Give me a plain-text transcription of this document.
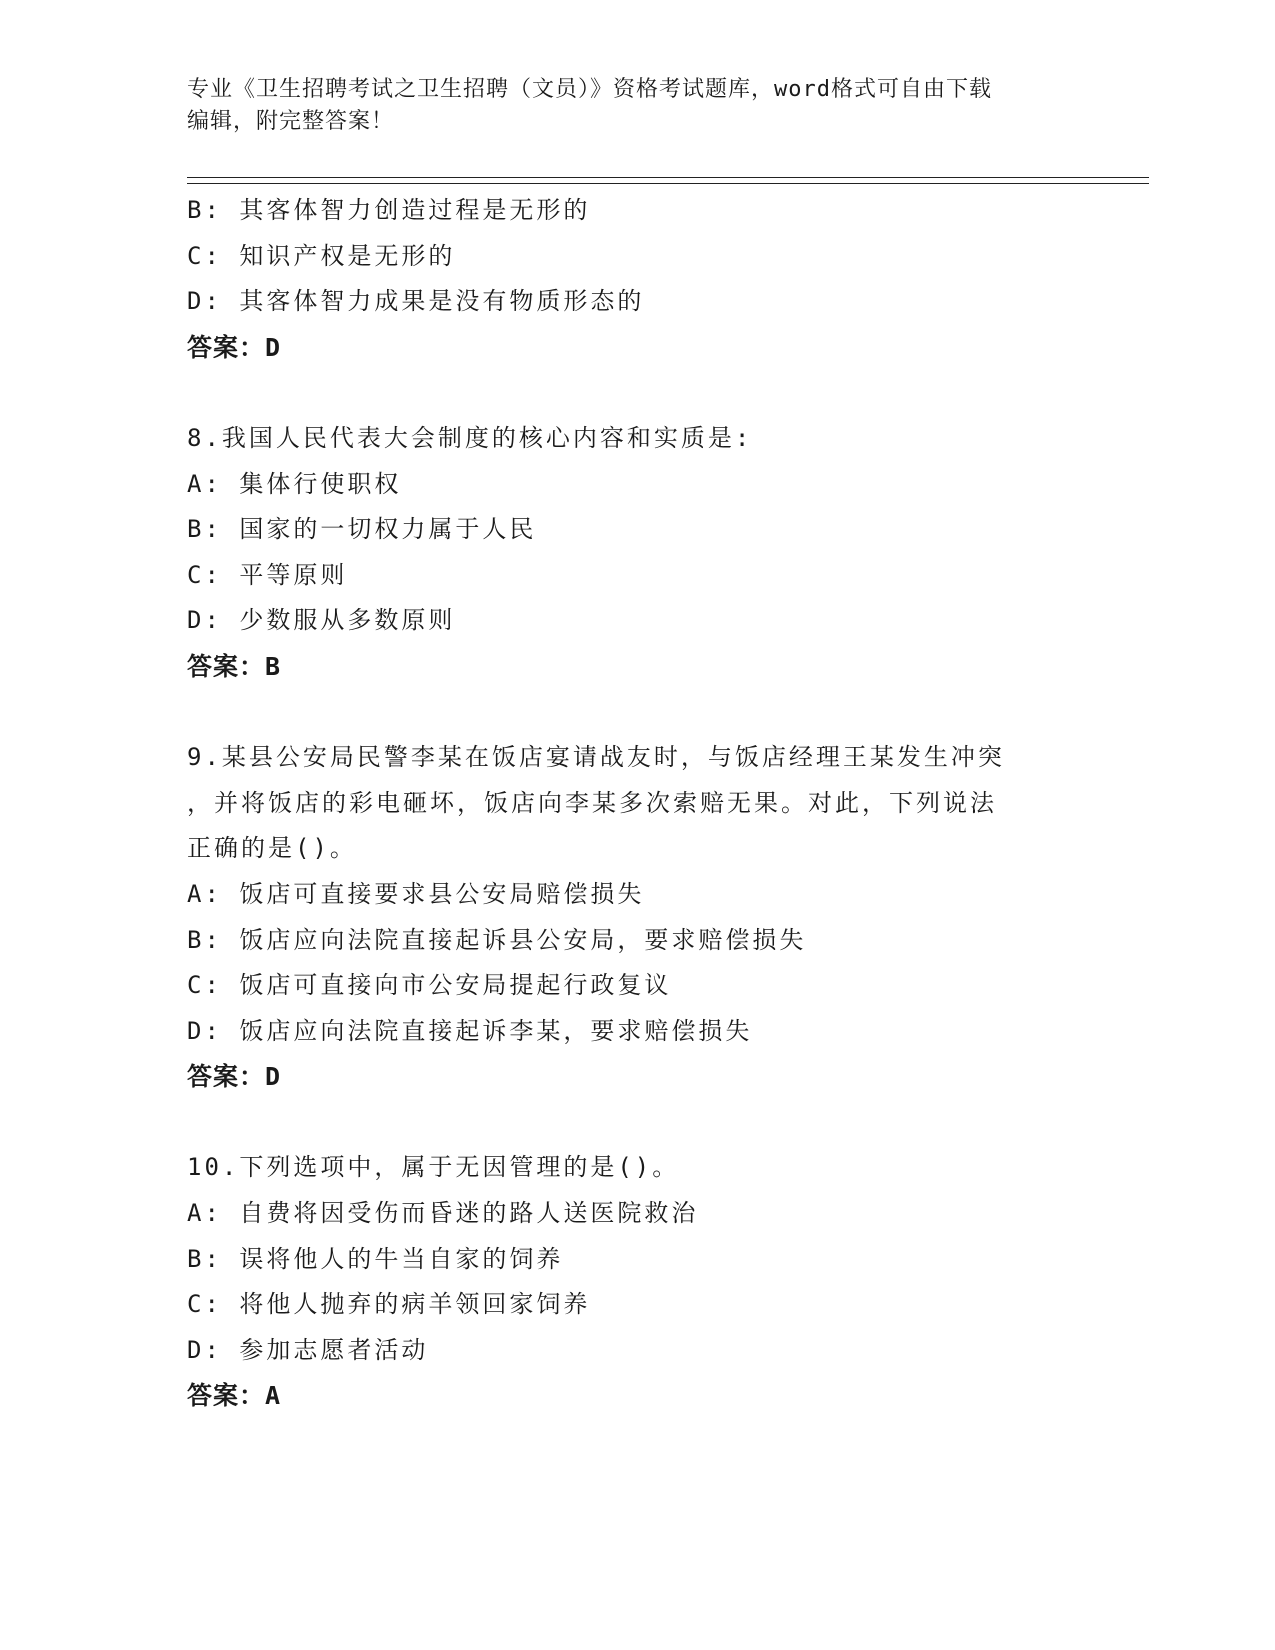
专业《卫生招聘考试之卫生招聘（文员）》资格考试题库，word格式可自由下载
编辑，附完整答案！
B: 其客体智力创造过程是无形的
C: 知识产权是无形的
D: 其客体智力成果是没有物质形态的
答案：D
8.我国人民代表大会制度的核心内容和实质是:
A: 集体行使职权
B: 国家的一切权力属于人民
C: 平等原则
D: 少数服从多数原则
答案：B
9.某县公安局民警李某在饭店宴请战友时，与饭店经理王某发生冲突
，并将饭店的彩电砸坏，饭店向李某多次索赔无果。对此，下列说法
正确的是()。
A: 饭店可直接要求县公安局赔偿损失
B: 饭店应向法院直接起诉县公安局，要求赔偿损失
C: 饭店可直接向市公安局提起行政复议
D: 饭店应向法院直接起诉李某，要求赔偿损失
答案：D
10.下列选项中，属于无因管理的是()。
A: 自费将因受伤而昏迷的路人送医院救治
B: 误将他人的牛当自家的饲养
C: 将他人抛弃的病羊领回家饲养
D: 参加志愿者活动
答案：A
